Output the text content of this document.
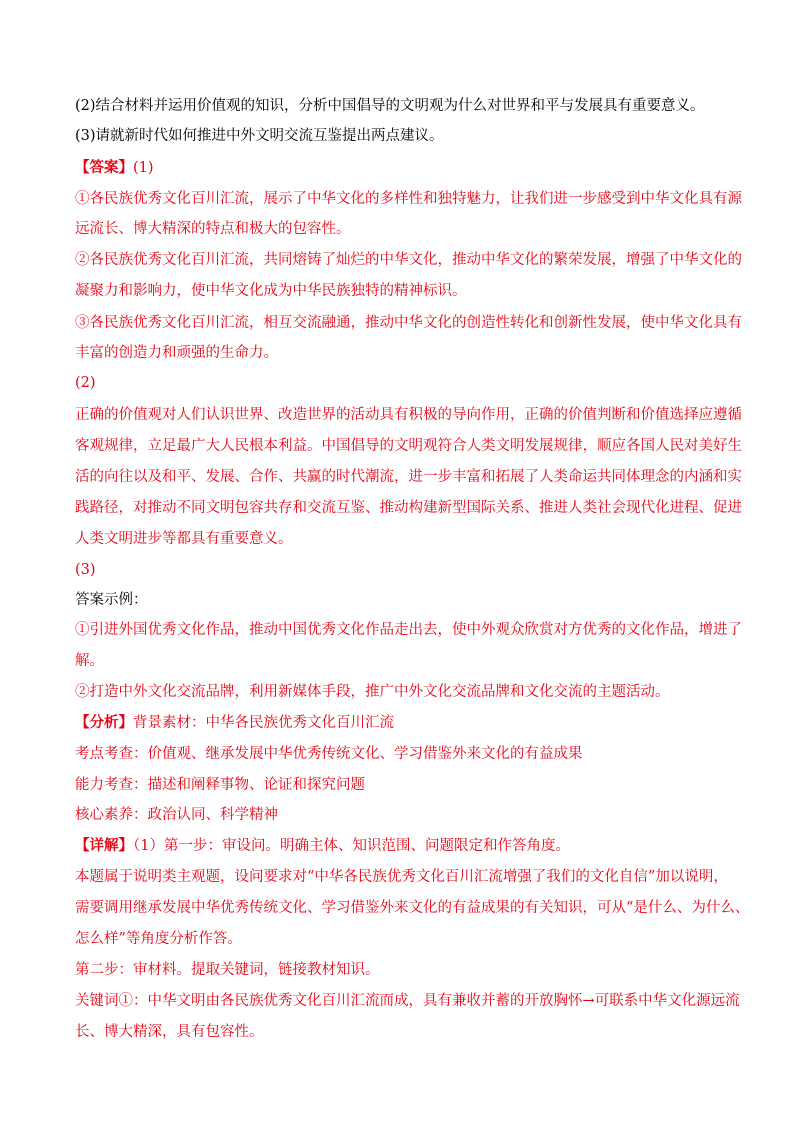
(2)结合材料并运用价值观的知识，分析中国倡导的文明观为什么对世界和平与发展具有重要意义。
(3)请就新时代如何推进中外文明交流互鉴提出两点建议。
【答案】(1)
①各民族优秀文化百川汇流，展示了中华文化的多样性和独特魅力，让我们进一步感受到中华文化具有源
远流长、博大精深的特点和极大的包容性。
②各民族优秀文化百川汇流，共同熔铸了灿烂的中华文化，推动中华文化的繁荣发展，增强了中华文化的
凝聚力和影响力，使中华文化成为中华民族独特的精神标识。
③各民族优秀文化百川汇流，相互交流融通，推动中华文化的创造性转化和创新性发展，使中华文化具有
丰富的创造力和顽强的生命力。
(2)
正确的价值观对人们认识世界、改造世界的活动具有积极的导向作用，正确的价值判断和价值选择应遵循
客观规律，立足最广大人民根本利益。中国倡导的文明观符合人类文明发展规律，顺应各国人民对美好生
活的向往以及和平、发展、合作、共赢的时代潮流，进一步丰富和拓展了人类命运共同体理念的内涵和实
践路径，对推动不同文明包容共存和交流互鉴、推动构建新型国际关系、推进人类社会现代化进程、促进
人类文明进步等都具有重要意义。
(3)
答案示例：
①引进外国优秀文化作品，推动中国优秀文化作品走出去，使中外观众欣赏对方优秀的文化作品，增进了
解。
②打造中外文化交流品牌，利用新媒体手段，推广中外文化交流品牌和文化交流的主题活动。
【分析】背景素材：中华各民族优秀文化百川汇流
考点考查：价值观、继承发展中华优秀传统文化、学习借鉴外来文化的有益成果
能力考查：描述和阐释事物、论证和探究问题
核心素养：政治认同、科学精神
【详解】（1）第一步：审设问。明确主体、知识范围、问题限定和作答角度。
本题属于说明类主观题，设问要求对“中华各民族优秀文化百川汇流增强了我们的文化自信”加以说明，
需要调用继承发展中华优秀传统文化、学习借鉴外来文化的有益成果的有关知识，可从“是什么、为什么、
怎么样”等角度分析作答。
第二步：审材料。提取关键词，链接教材知识。
关键词①：中华文明由各民族优秀文化百川汇流而成，具有兼收并蓄的开放胸怀→可联系中华文化源远流
长、博大精深，具有包容性。
